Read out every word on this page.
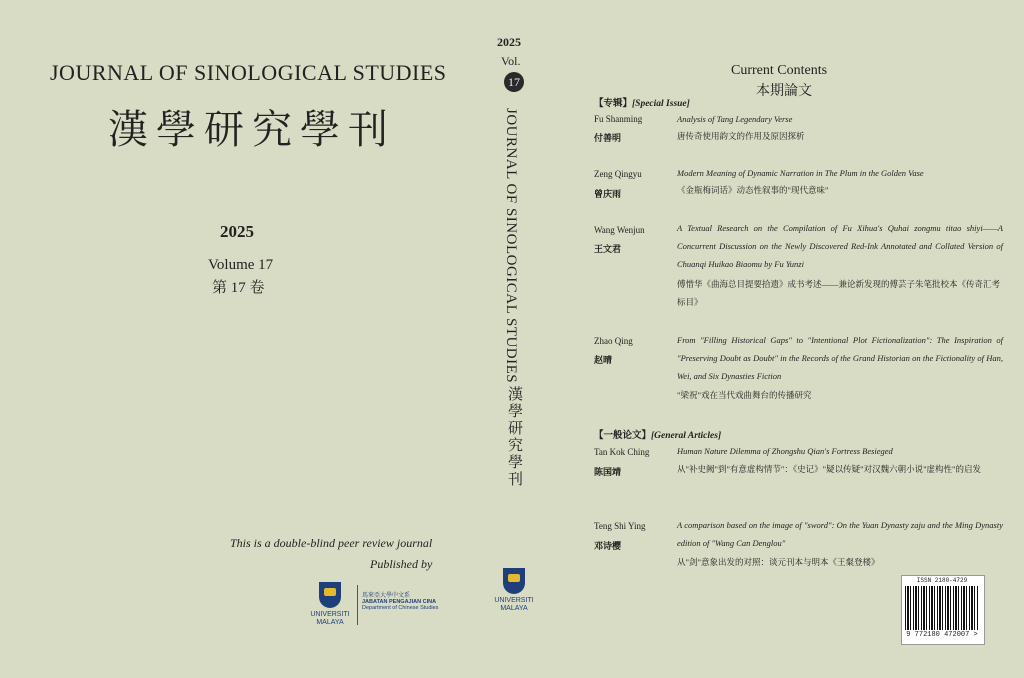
JOURNAL OF SINOLOGICAL STUDIES
漢學研究學刊
2025
Volume 17
第 17 卷
This is a double-blind peer review journal
Published by
UNIVERSITI
MALAYA
馬來亞大學中文系
JABATAN PENGAJIAN CINA
Department of Chinese Studies
2025
Vol.
17
JOURNAL OF SINOLOGICAL STUDIES
漢學研究學刊
UNIVERSITI
MALAYA
Current Contents
本期論文
【专辑】[Special Issue]
Fu Shanming
付善明
Analysis of Tang Legendary Verse
唐传奇使用韵文的作用及原因探析
Zeng Qingyu
曾庆雨
Modern Meaning of Dynamic Narration in The Plum in the Golden Vase
《金瓶梅词话》动态性叙事的"现代意味"
Wang Wenjun
王文君
A Textual Research on the Compilation of Fu Xihua's Quhai zongmu titao shiyi——A Concurrent Discussion on the Newly Discovered Red-Ink Annotated and Collated Version of Chuanqi Huikao Biaomu by Fu Yunzi
傅惜华《曲海总目提要拾遗》成书考述——兼论新发现的傅芸子朱笔批校本《传奇汇考标目》
Zhao Qing
赵晴
From "Filling Historical Gaps" to "Intentional Plot Fictionalization": The Inspiration of "Preserving Doubt as Doubt" in the Records of the Grand Historian on the Fictionality of Han, Wei, and Six Dynasties Fiction
"梁祝"戏在当代戏曲舞台的传播研究
【一般论文】[General Articles]
Tan Kok Ching
陈国靖
Human Nature Dilemma of Zhongshu Qian's Fortress Besieged
从"补史阙"到"有意虚构情节"：《史记》"疑以传疑"对汉魏六朝小说"虚构性"的启发
Teng Shi Ying
邓诗樱
A comparison based on the image of "sword": On the Yuan Dynasty zaju and the Ming Dynasty edition of "Wang Can Denglou"
从"剑"意象出发的对照：谈元刊本与明本《王粲登楼》
ISSN 2180-4729
9 772180 472007 >
